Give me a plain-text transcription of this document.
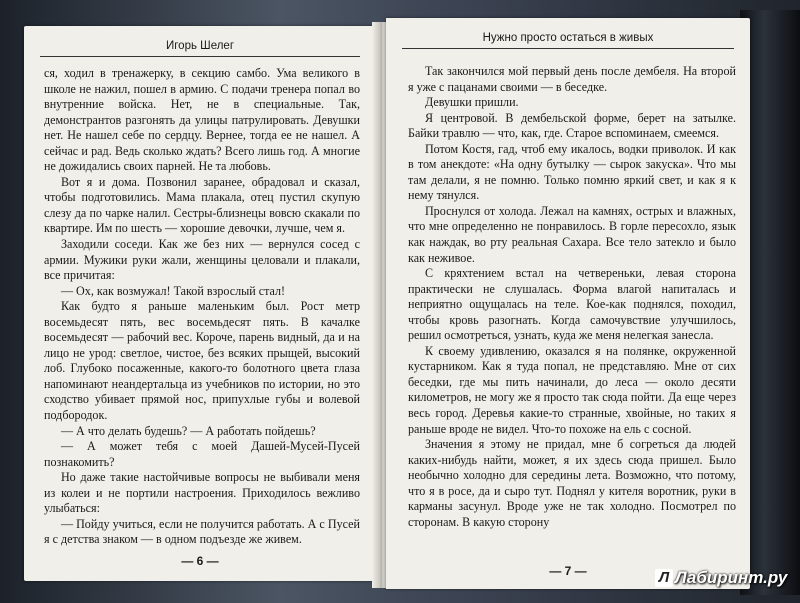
Игорь Шелег

ся, ходил в тренажерку, в секцию самбо. Ума великого в школе не нажил, пошел в армию. С подачи тренера попал во внутренние войска. Нет, не в специальные. Так, демонстрантов разгонять да улицы патрулировать. Девушки нет. Не нашел себе по сердцу. Вернее, тогда ее не нашел. А сейчас и рад. Ведь сколько ждать? Всего лишь год. А многие не дожидались своих парней. Не та любовь.

Вот я и дома. Позвонил заранее, обрадовал и сказал, чтобы подготовились. Мама плакала, отец пустил скупую слезу да по чарке налил. Сестры-близнецы вовсю скакали по квартире. Им по шесть — хорошие девочки, лучше, чем я.

Заходили соседи. Как же без них — вернулся сосед с армии. Мужики руки жали, женщины целовали и плакали, все причитая:

— Ох, как возмужал! Такой взрослый стал!

Как будто я раньше маленьким был. Рост метр восемьдесят пять, вес восемьдесят пять. В качалке восемьдесят — рабочий вес. Короче, парень видный, да и на лицо не урод: светлое, чистое, без всяких прыщей, высокий лоб. Глубоко посаженные, какого-то болотного цвета глаза напоминают неандертальца из учебников по истории, но это сходство убивает прямой нос, припухлые губы и волевой подбородок.

— А что делать будешь? — А работать пойдешь?

— А может тебя с моей Дашей-Мусей-Пусей познакомить?

Но даже такие настойчивые вопросы не выбивали меня из колеи и не портили настроения. Приходилось вежливо улыбаться:

— Пойду учиться, если не получится работать. А с Пусей я с детства знаком — в одном подъезде же живем.

— 6 —
Нужно просто остаться в живых

Так закончился мой первый день после дембеля. На второй я уже с пацанами своими — в беседке.

Девушки пришли.

Я центровой. В дембельской форме, берет на затылке. Байки травлю — что, как, где. Старое вспоминаем, смеемся.

Потом Костя, гад, чтоб ему икалось, водки приволок. И как в том анекдоте: «На одну бутылку — сырок закуска». Что мы там делали, я не помню. Только помню яркий свет, и как я к нему тянулся.

Проснулся от холода. Лежал на камнях, острых и влажных, что мне определенно не понравилось. В горле пересохло, язык как наждак, во рту реальная Сахара. Все тело затекло и было как неживое.

С кряхтением встал на четвереньки, левая сторона практически не слушалась. Форма влагой напиталась и неприятно ощущалась на теле. Кое-как поднялся, походил, чтобы кровь разогнать. Когда самочувствие улучшилось, решил осмотреться, узнать, куда же меня нелегкая занесла.

К своему удивлению, оказался я на полянке, окруженной кустарником. Как я туда попал, не представляю. Мне от сих беседки, где мы пить начинали, до леса — около десяти километров, не могу же я просто так сюда пойти. Да еще через весь город. Деревья какие-то странные, хвойные, но таких я раньше вроде не видел. Что-то похоже на ель с сосной.

Значения я этому не придал, мне б согреться да людей каких-нибудь найти, может, я их здесь сюда пришел. Было необычно холодно для середины лета. Возможно, что потому, что я в росе, да и сыро тут. Поднял у кителя воротник, руки в карманы засунул. Вроде уже не так холодно. Посмотрел по сторонам. В какую сторону

— 7 —	Л Лабиринт.ру
